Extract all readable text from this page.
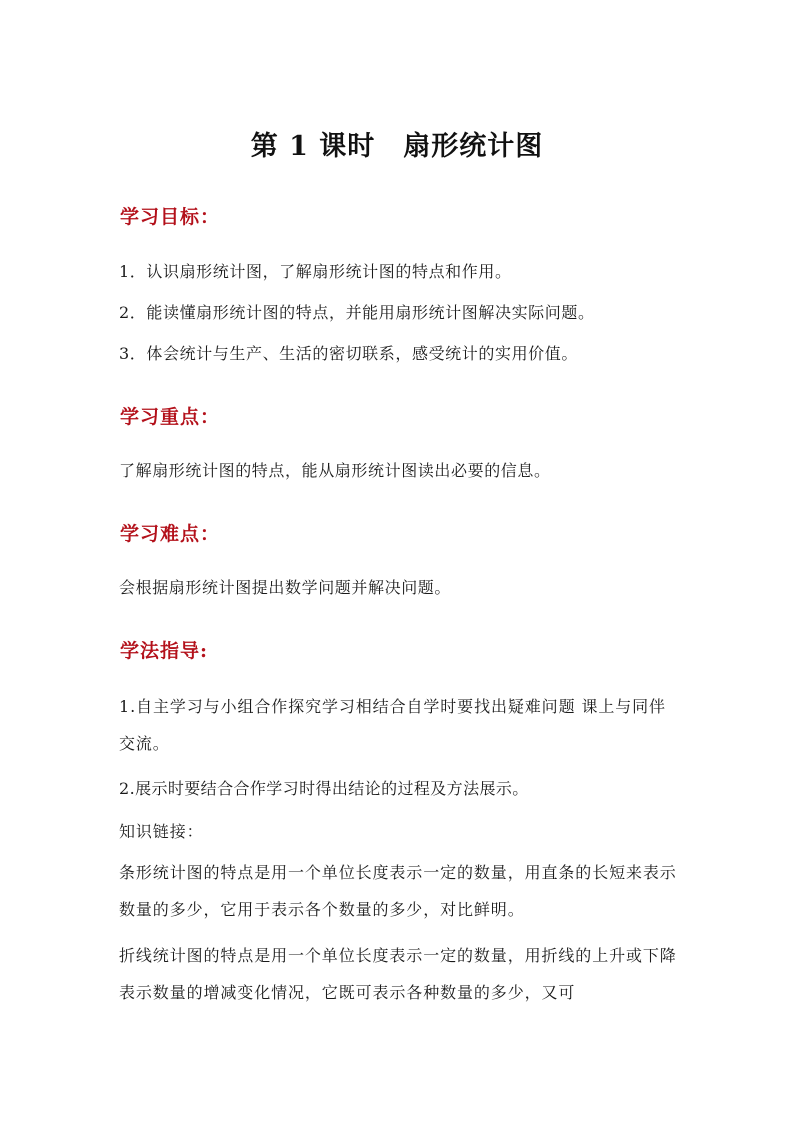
第 1 课时　扇形统计图
学习目标：
1．认识扇形统计图，了解扇形统计图的特点和作用。
2．能读懂扇形统计图的特点，并能用扇形统计图解决实际问题。
3．体会统计与生产、生活的密切联系，感受统计的实用价值。
学习重点：
了解扇形统计图的特点，能从扇形统计图读出必要的信息。
学习难点：
会根据扇形统计图提出数学问题并解决问题。
学法指导:
1.自主学习与小组合作探究学习相结合自学时要找出疑难问题 课上与同伴交流。
2.展示时要结合合作学习时得出结论的过程及方法展示。
知识链接：
条形统计图的特点是用一个单位长度表示一定的数量，用直条的长短来表示数量的多少，它用于表示各个数量的多少，对比鲜明。
折线统计图的特点是用一个单位长度表示一定的数量，用折线的上升或下降表示数量的增减变化情况，它既可表示各种数量的多少，又可
